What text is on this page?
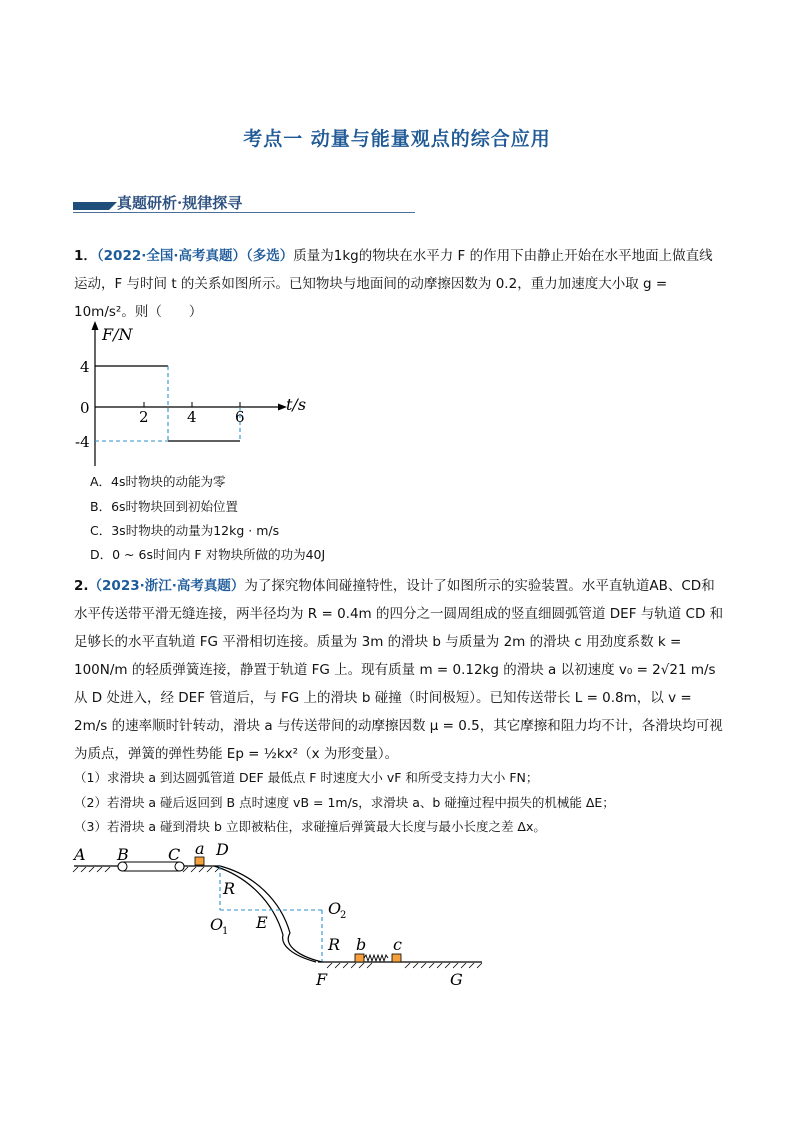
考点一 动量与能量观点的综合应用
真题研析·规律探寻
1．（2022·全国·高考真题）（多选）质量为1kg的物块在水平力 F 的作用下由静止开始在水平地面上做直线运动，F 与时间 t 的关系如图所示。已知物块与地面间的动摩擦因数为 0.2，重力加速度大小取 g = 10m/s²。则（　　）
F/N
t/s
4
0
-4
2	4	6
A．4s时物块的动能为零
B．6s时物块回到初始位置
C．3s时物块的动量为12kg · m/s
D．0 ~ 6s时间内 F 对物块所做的功为40J
2.（2023·浙江·高考真题）为了探究物体间碰撞特性，设计了如图所示的实验装置。水平直轨道AB、CD和水平传送带平滑无缝连接，两半径均为 R = 0.4m 的四分之一圆周组成的竖直细圆弧管道 DEF 与轨道 CD 和足够长的水平直轨道 FG 平滑相切连接。质量为 3m 的滑块 b 与质量为 2m 的滑块 c 用劲度系数 k = 100N/m 的轻质弹簧连接，静置于轨道 FG 上。现有质量 m = 0.12kg 的滑块 a 以初速度 v₀ = 2√21 m/s 从 D 处进入，经 DEF 管道后，与 FG 上的滑块 b 碰撞（时间极短）。已知传送带长 L = 0.8m，以 v = 2m/s 的速率顺时针转动，滑块 a 与传送带间的动摩擦因数 μ = 0.5，其它摩擦和阻力均不计，各滑块均可视为质点，弹簧的弹性势能 Ep = ½kx²（x 为形变量）。
（1）求滑块 a 到达圆弧管道 DEF 最低点 F 时速度大小 vF 和所受支持力大小 FN；
（2）若滑块 a 碰后返回到 B 点时速度 vB = 1m/s，求滑块 a、b 碰撞过程中损失的机械能 ΔE；
（3）若滑块 a 碰到滑块 b 立即被粘住，求碰撞后弹簧最大长度与最小长度之差 Δx。
A B C a D
R
O
1 E
O
2
R b c
F	G
